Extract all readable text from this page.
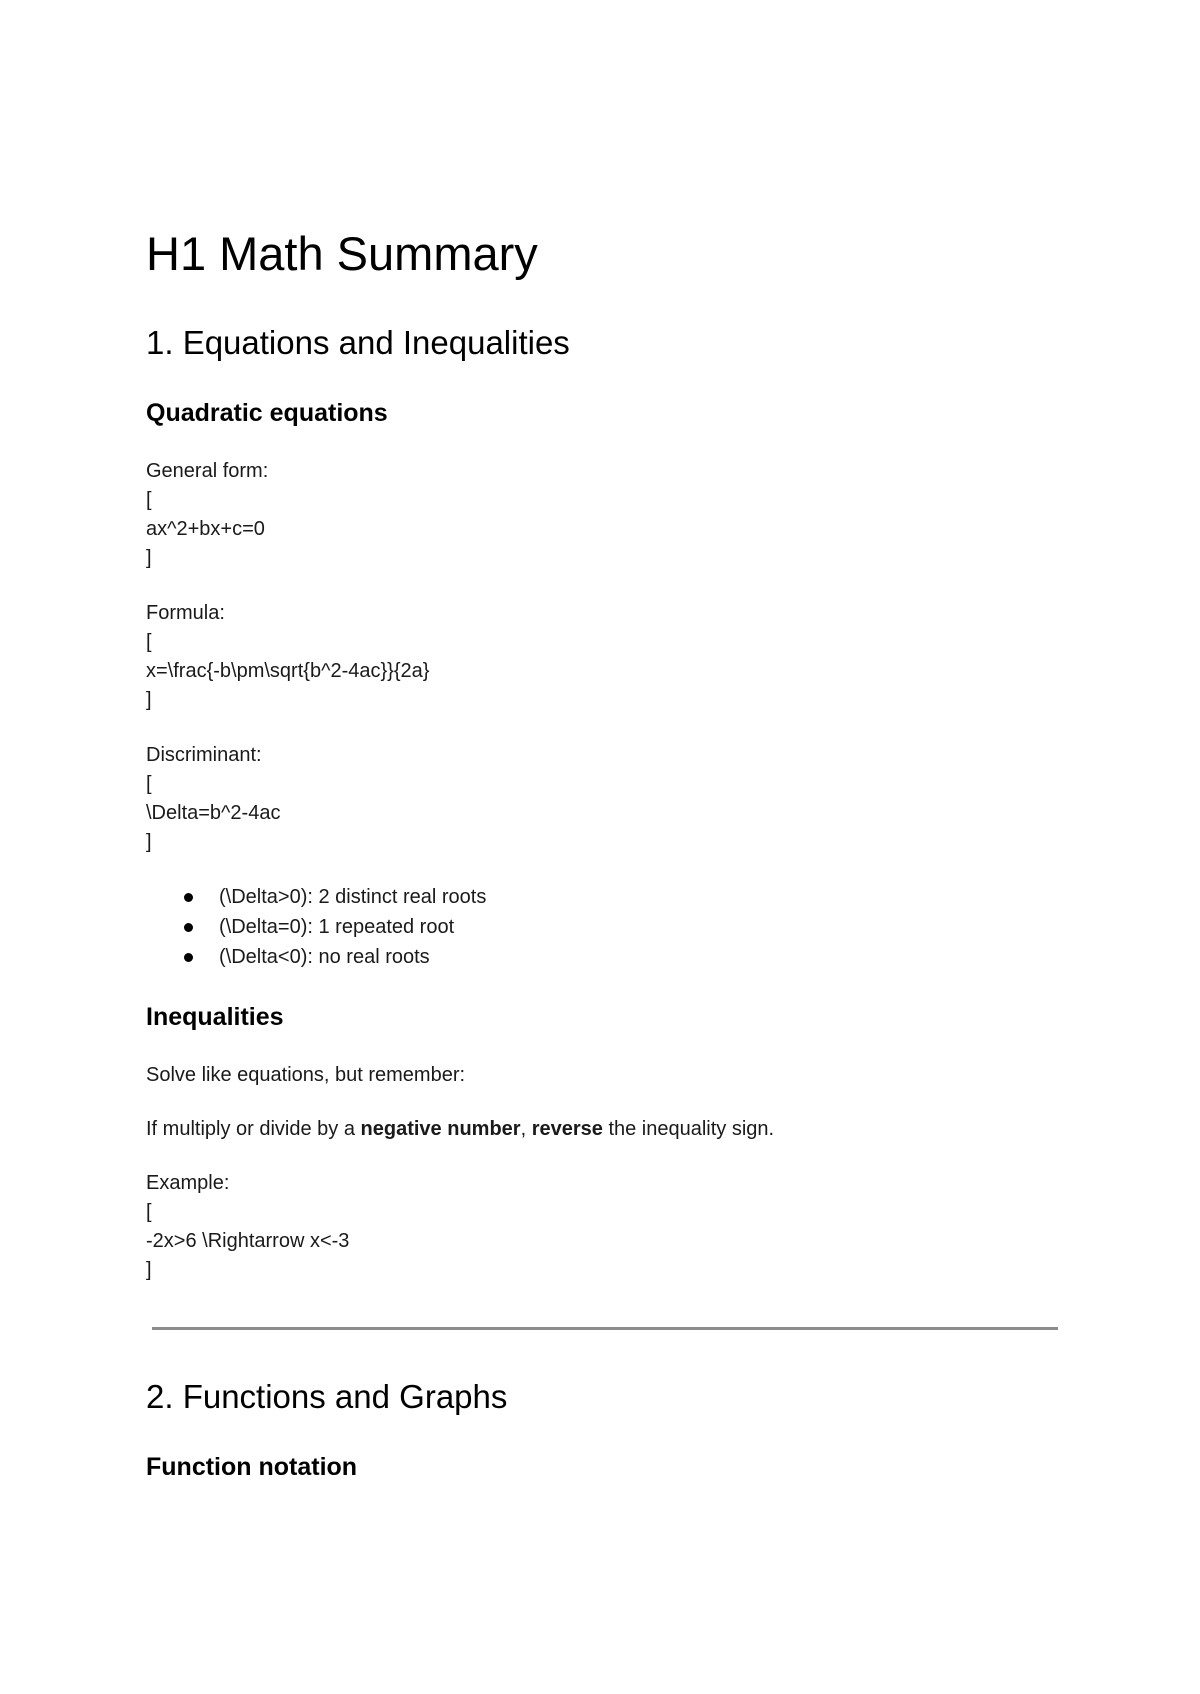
H1 Math Summary
1. Equations and Inequalities
Quadratic equations

General form:

[

ax^2+bx+c=0

]

Formula:

[

x=\frac{-b\pm\sqrt{b^2-4ac}}{2a}

]

Discriminant:

[

\Delta=b^2-4ac

]

(\Delta>0): 2 distinct real roots

(\Delta=0): 1 repeated root

(\Delta<0): no real roots

Inequalities

Solve like equations, but remember:

If multiply or divide by a negative number, reverse the inequality sign.

Example:

[

-2x>6 \Rightarrow x<-3

]

2. Functions and Graphs
Function notation
